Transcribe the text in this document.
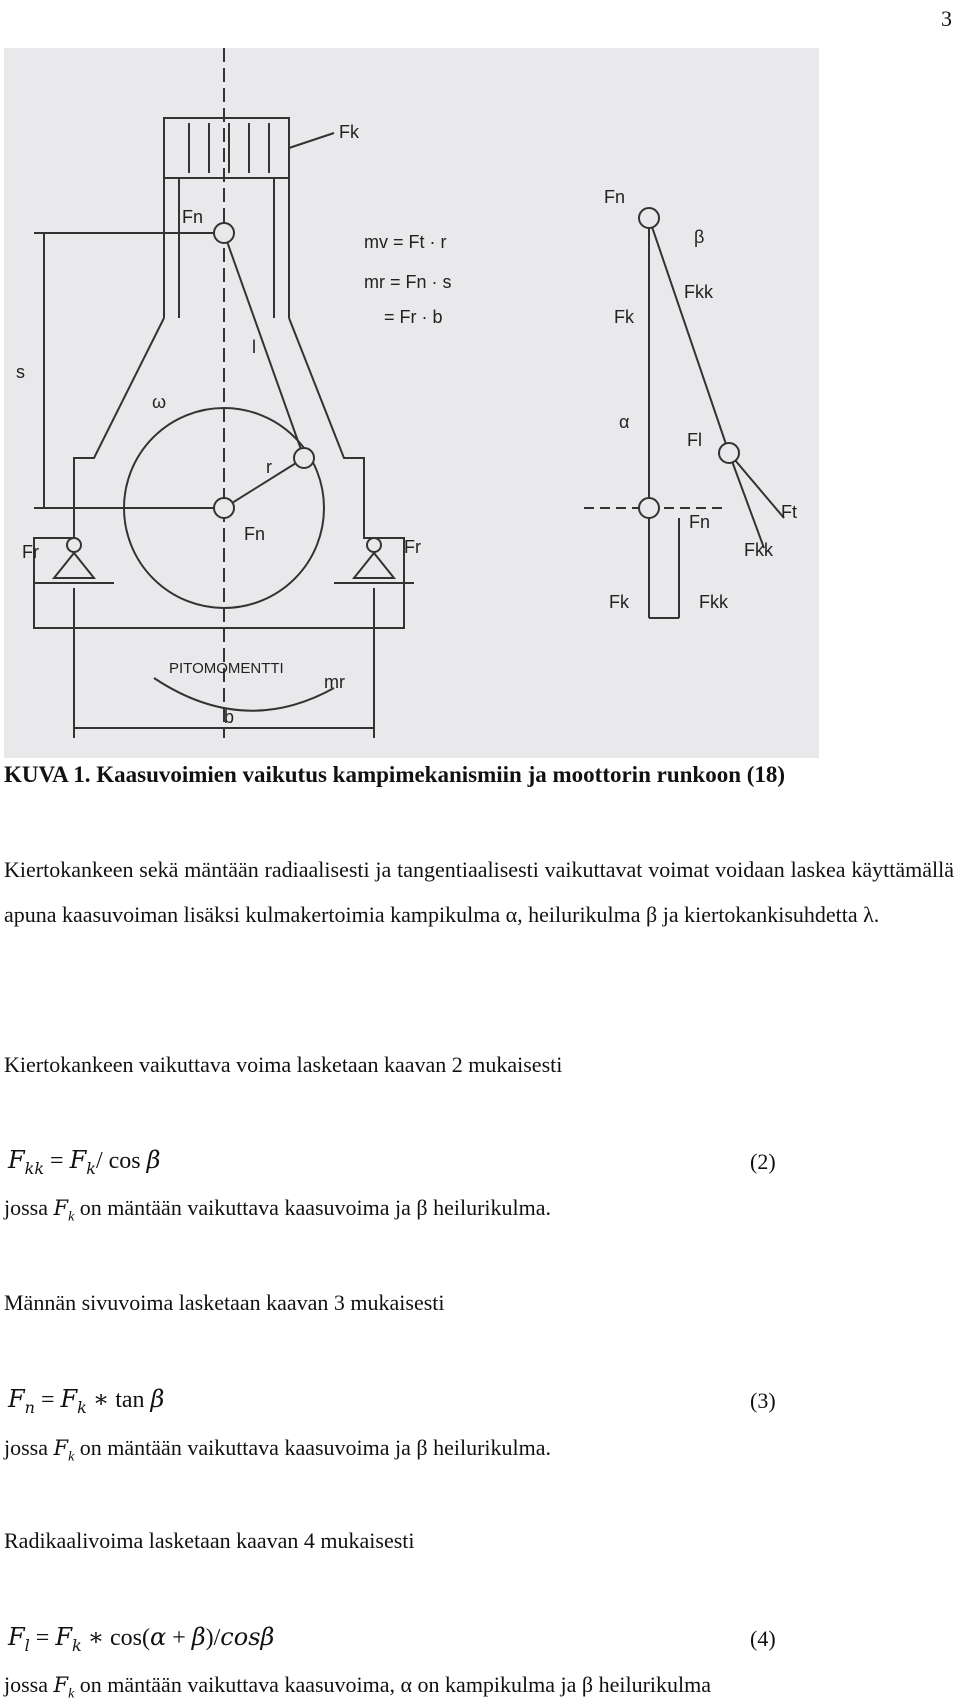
3
Fk
Fn
mv = Ft · r
mr = Fn · s
= Fr · b
s
l
ω
r
Fn
Fr	Fr
PITOMOMENTTI
mr
b
Fn
β
Fkk
Fk
α
Fl
Ft
Fn
Fkk
Fk	Fkk
KUVA 1. Kaasuvoimien vaikutus kampimekanismiin ja moottorin runkoon (18)
Kiertokankeen sekä mäntään radiaalisesti ja tangentiaalisesti vaikuttavat voimat voidaan laskea käyttämällä apuna kaasuvoiman lisäksi kulmakertoimia kampikulma α, heilurikulma β ja kiertokankisuhdetta λ.
Kiertokankeen vaikuttava voima lasketaan kaavan 2 mukaisesti
$F_{kk} = F_k/$ cos β	(2)
jossa $F_k$ on mäntään vaikuttava kaasuvoima ja β heilurikulma.
Männän sivuvoima lasketaan kaavan 3 mukaisesti
$F_n = F_k$ ∗ tan β	(3)
jossa $F_k$ on mäntään vaikuttava kaasuvoima ja β heilurikulma.
Radikaalivoima lasketaan kaavan 4 mukaisesti
$F_l = F_k$ ∗ cos(α + β)/cosβ	(4)
jossa $F_k$ on mäntään vaikuttava kaasuvoima, α on kampikulma ja β heilurikulma
